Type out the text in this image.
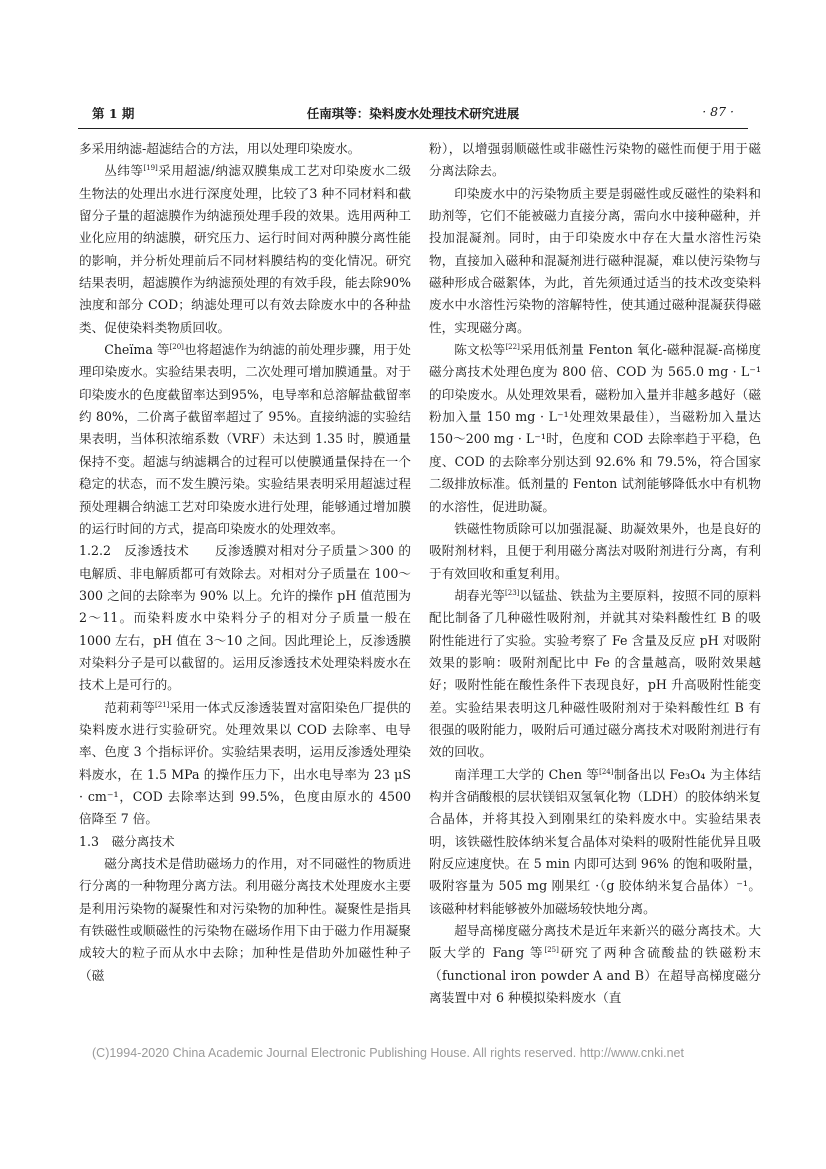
第 1 期	任南琪等：染料废水处理技术研究进展	· 87 ·

多采用纳滤-超滤结合的方法，用以处理印染废水。

丛纬等[19]采用超滤/纳滤双膜集成工艺对印染废水二级生物法的处理出水进行深度处理，比较了3 种不同材料和截留分子量的超滤膜作为纳滤预处理手段的效果。选用两种工业化应用的纳滤膜，研究压力、运行时间对两种膜分离性能的影响，并分析处理前后不同材料膜结构的变化情况。研究结果表明，超滤膜作为纳滤预处理的有效手段，能去除90%浊度和部分 COD；纳滤处理可以有效去除废水中的各种盐类、促使染料类物质回收。

Cheïma 等[20]也将超滤作为纳滤的前处理步骤，用于处理印染废水。实验结果表明，二次处理可增加膜通量。对于印染废水的色度截留率达到95%，电导率和总溶解盐截留率约 80%，二价离子截留率超过了 95%。直接纳滤的实验结果表明，当体积浓缩系数（VRF）未达到 1.35 时，膜通量保持不变。超滤与纳滤耦合的过程可以使膜通量保持在一个稳定的状态，而不发生膜污染。实验结果表明采用超滤过程预处理耦合纳滤工艺对印染废水进行处理，能够通过增加膜的运行时间的方式，提高印染废水的处理效率。

1.2.2　反渗透技术　　 反渗透膜对相对分子质量＞300 的电解质、非电解质都可有效除去。对相对分子质量在 100～300 之间的去除率为 90% 以上。允许的操作 pH 值范围为 2～11。而染料废水中染料分子的相对分子质量一般在 1000 左右，pH 值在 3～10 之间。因此理论上，反渗透膜对染料分子是可以截留的。运用反渗透技术处理染料废水在技术上是可行的。

范莉莉等[21]采用一体式反渗透装置对富阳染色厂提供的染料废水进行实验研究。处理效果以 COD 去除率、电导率、色度 3 个指标评价。实验结果表明，运用反渗透处理染料废水，在 1.5 MPa 的操作压力下，出水电导率为 23 μS · cm⁻¹，COD 去除率达到 99.5%，色度由原水的 4500 倍降至 7 倍。

1.3　磁分离技术

磁分离技术是借助磁场力的作用，对不同磁性的物质进行分离的一种物理分离方法。利用磁分离技术处理废水主要是利用污染物的凝聚性和对污染物的加种性。凝聚性是指具有铁磁性或顺磁性的污染物在磁场作用下由于磁力作用凝聚成较大的粒子而从水中去除；加种性是借助外加磁性种子（磁

粉），以增强弱顺磁性或非磁性污染物的磁性而便于用于磁分离法除去。

印染废水中的污染物质主要是弱磁性或反磁性的染料和助剂等，它们不能被磁力直接分离，需向水中接种磁种，并投加混凝剂。同时，由于印染废水中存在大量水溶性污染物，直接加入磁种和混凝剂进行磁种混凝，难以使污染物与磁种形成合磁絮体，为此，首先须通过适当的技术改变染料废水中水溶性污染物的溶解特性，使其通过磁种混凝获得磁性，实现磁分离。

陈文松等[22]采用低剂量 Fenton 氧化-磁种混凝-高梯度磁分离技术处理色度为 800 倍、COD 为 565.0 mg · L⁻¹的印染废水。从处理效果看，磁粉加入量并非越多越好（磁粉加入量 150 mg · L⁻¹处理效果最佳），当磁粉加入量达 150～200 mg · L⁻¹时，色度和 COD 去除率趋于平稳，色度、COD 的去除率分别达到 92.6% 和 79.5%，符合国家二级排放标准。低剂量的 Fenton 试剂能够降低水中有机物的水溶性，促进助凝。

铁磁性物质除可以加强混凝、助凝效果外，也是良好的吸附剂材料，且便于利用磁分离法对吸附剂进行分离，有利于有效回收和重复利用。

胡春光等[23]以锰盐、铁盐为主要原料，按照不同的原料配比制备了几种磁性吸附剂，并就其对染料酸性红 B 的吸附性能进行了实验。实验考察了 Fe 含量及反应 pH 对吸附效果的影响：吸附剂配比中 Fe 的含量越高，吸附效果越好；吸附性能在酸性条件下表现良好，pH 升高吸附性能变差。实验结果表明这几种磁性吸附剂对于染料酸性红 B 有很强的吸附能力，吸附后可通过磁分离技术对吸附剂进行有效的回收。

南洋理工大学的 Chen 等[24]制备出以 Fe₃O₄ 为主体结构并含硝酸根的层状镁铝双氢氧化物（LDH）的胶体纳米复合晶体，并将其投入到刚果红的染料废水中。实验结果表明，该铁磁性胶体纳米复合晶体对染料的吸附性能优异且吸附反应速度快。在 5 min 内即可达到 96% 的饱和吸附量，吸附容量为 505 mg 刚果红 ·（g 胶体纳米复合晶体）⁻¹。该磁种材料能够被外加磁场较快地分离。

超导高梯度磁分离技术是近年来新兴的磁分离技术。大阪大学的 Fang 等[25]研究了两种含硫酸盐的铁磁粉末（functional iron powder A and B）在超导高梯度磁分离装置中对 6 种模拟染料废水（直

(C)1994-2020 China Academic Journal Electronic Publishing House. All rights reserved. http://www.cnki.net
